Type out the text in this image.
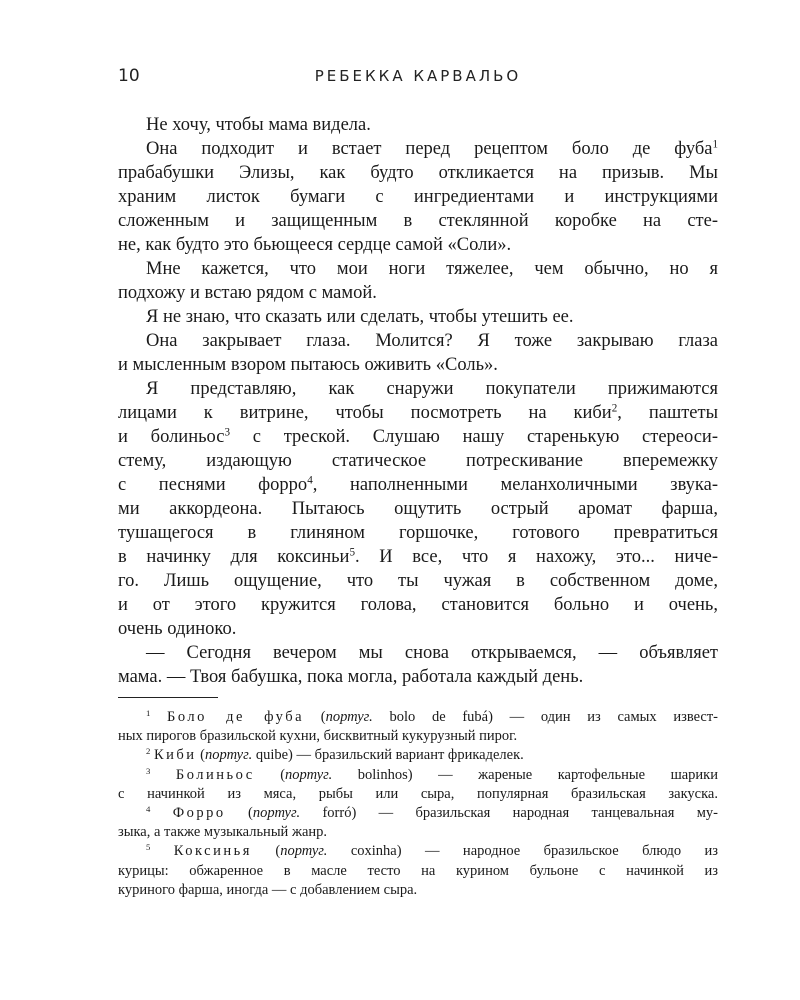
10	РЕБЕККА КАРВАЛЬО
Не хочу, чтобы мама видела.
Она подходит и встает перед рецептом боло де фуба$^1$
прабабушки Элизы, как будто откликается на призыв. Мы
храним листок бумаги с ингредиентами и инструкциями
сложенным и защищенным в стеклянной коробке на сте-
не, как будто это бьющееся сердце самой «Соли».
Мне кажется, что мои ноги тяжелее, чем обычно, но я
подхожу и встаю рядом с мамой.
Я не знаю, что сказать или сделать, чтобы утешить ее.
Она закрывает глаза. Молится? Я тоже закрываю глаза
и мысленным взором пытаюсь оживить «Соль».
Я представляю, как снаружи покупатели прижимаются
лицами к витрине, чтобы посмотреть на киби$^2$, паштеты
и болиньос$^3$ с треской. Слушаю нашу старенькую стереоси-
стему, издающую статическое потрескивание вперемежку
с песнями форро$^4$, наполненными меланхоличными звука-
ми аккордеона. Пытаюсь ощутить острый аромат фарша,
тушащегося в глиняном горшочке, готового превратиться
в начинку для коксиньи$^5$. И все, что я нахожу, это... ниче-
го. Лишь ощущение, что ты чужая в собственном доме,
и от этого кружится голова, становится больно и очень,
очень одиноко.
— Сегодня вечером мы снова открываемся, — объявляет
мама. — Твоя бабушка, пока могла, работала каждый день.
$^1$ Боло де фуба (португ. bolo de fubá) — один из самых извест-
ных пирогов бразильской кухни, бисквитный кукурузный пирог.
$^2$ Киби (португ. quibe) — бразильский вариант фрикаделек.
$^3$ Болиньос (португ. bolinhos) — жареные картофельные шарики
с начинкой из мяса, рыбы или сыра, популярная бразильская закуска.
$^4$ Форро (португ. forró) — бразильская народная танцевальная му-
зыка, а также музыкальный жанр.
$^5$ Коксинья (португ. coxinha) — народное бразильское блюдо из
курицы: обжаренное в масле тесто на курином бульоне с начинкой из
куриного фарша, иногда — с добавлением сыра.
